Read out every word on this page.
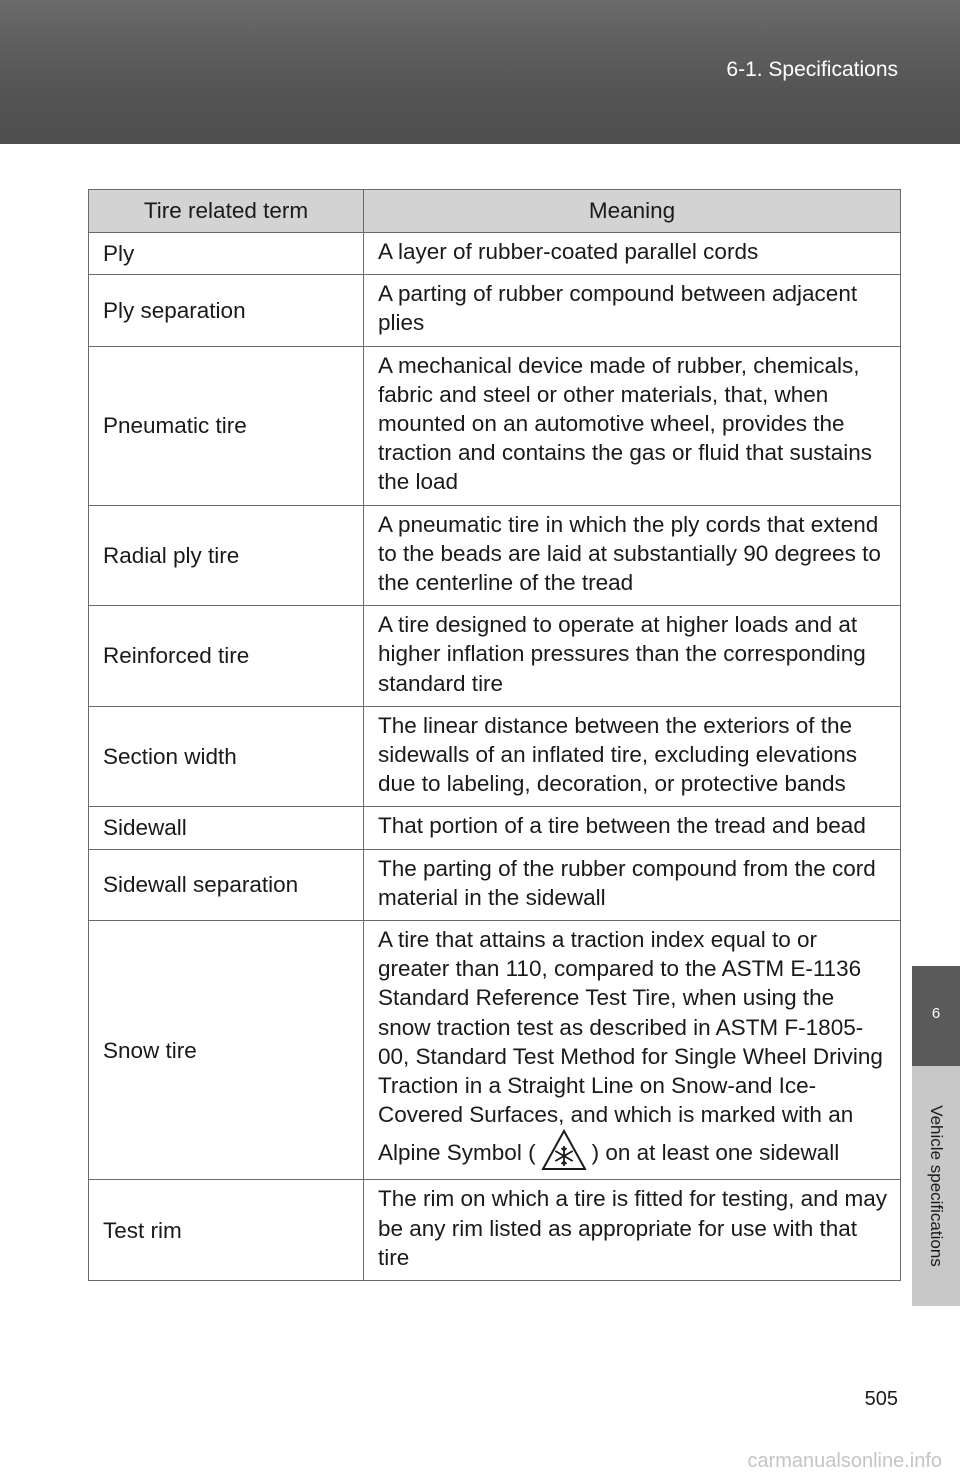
6-1. Specifications
6
Vehicle specifications
Tire related term	Meaning
Ply	A layer of rubber-coated parallel cords
Ply separation	A parting of rubber compound between adjacent plies
Pneumatic tire	A mechanical device made of rubber, chemicals, fabric and steel or other materials, that, when mounted on an automotive wheel, provides the traction and contains the gas or fluid that sustains the load
Radial ply tire	A pneumatic tire in which the ply cords that extend to the beads are laid at substantially 90 degrees to the centerline of the tread
Reinforced tire	A tire designed to operate at higher loads and at higher inflation pressures than the corresponding standard tire
Section width	The linear distance between the exteriors of the sidewalls of an inflated tire, excluding elevations due to labeling, decoration, or protective bands
Sidewall	That portion of a tire between the tread and bead
Sidewall separation	The parting of the rubber compound from the cord material in the sidewall
Snow tire	A tire that attains a traction index equal to or greater than 110, compared to the ASTM E-1136 Standard Reference Test Tire, when using the snow traction test as described in ASTM F-1805-00, Standard Test Method for Single Wheel Driving Traction in a Straight Line on Snow-and Ice-Covered Surfaces, and which is marked with an Alpine Symbol ( ) on at least one sidewall
Test rim	The rim on which a tire is fitted for testing, and may be any rim listed as appropriate for use with that tire
505
carmanualsonline.info
